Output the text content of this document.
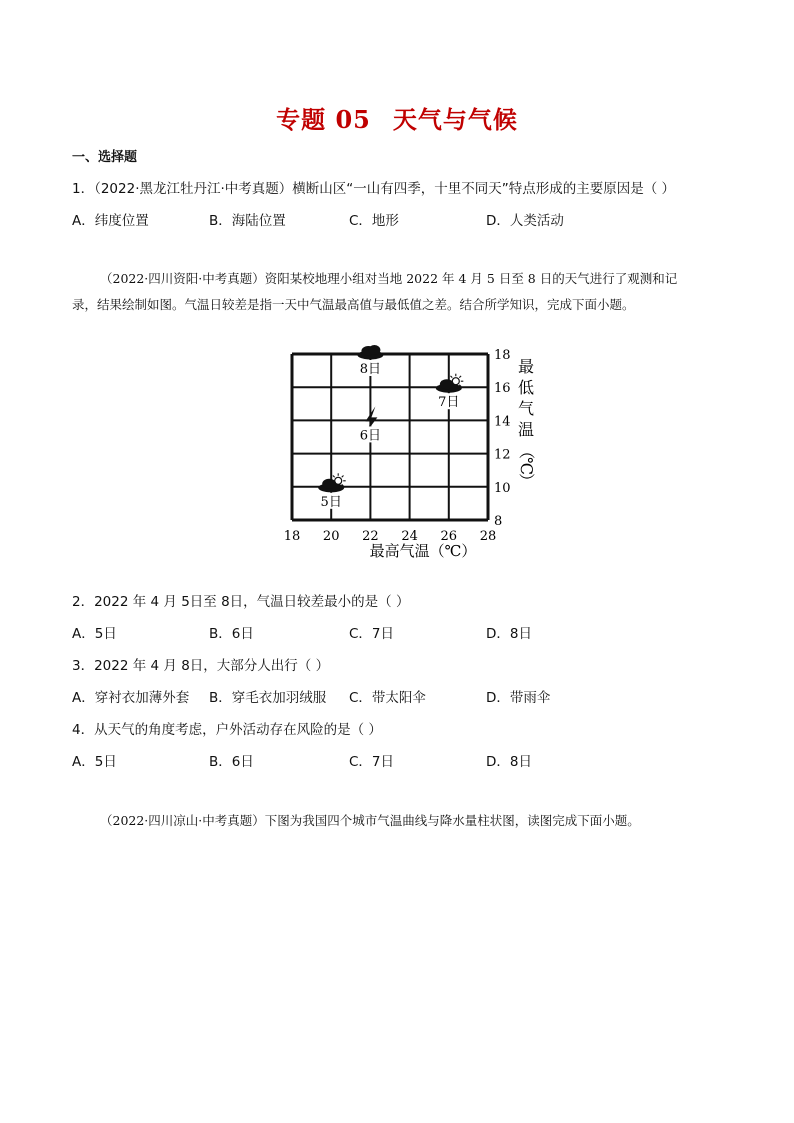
专题 05 天气与气候
一、选择题
1．（2022·黑龙江牡丹江·中考真题）横断山区“一山有四季，十里不同天”特点形成的主要原因是（ ）
A．纬度位置	B．海陆位置	C．地形	D．人类活动
（2022·四川资阳·中考真题）资阳某校地理小组对当地 2022 年 4 月 5 日至 8 日的天气进行了观测和记
录，结果绘制如图。气温日较差是指一天中气温最高值与最低值之差。结合所学知识，完成下面小题。
18 20 22 24 26 28
8
10
12
14
16
18
5日
6日
7日
8日
最高气温（℃）
最
低
气
温
（
℃
）
2．2022 年 4 月 5日至 8日，气温日较差最小的是（ ）
A．5日	B．6日	C．7日	D．8日
3．2022 年 4 月 8日，大部分人出行（ ）
A．穿衬衣加薄外套 B．穿毛衣加羽绒服 C．带太阳伞	D．带雨伞
4．从天气的角度考虑，户外活动存在风险的是（ ）
A．5日	B．6日	C．7日	D．8日
（2022·四川凉山·中考真题）下图为我国四个城市气温曲线与降水量柱状图，读图完成下面小题。
